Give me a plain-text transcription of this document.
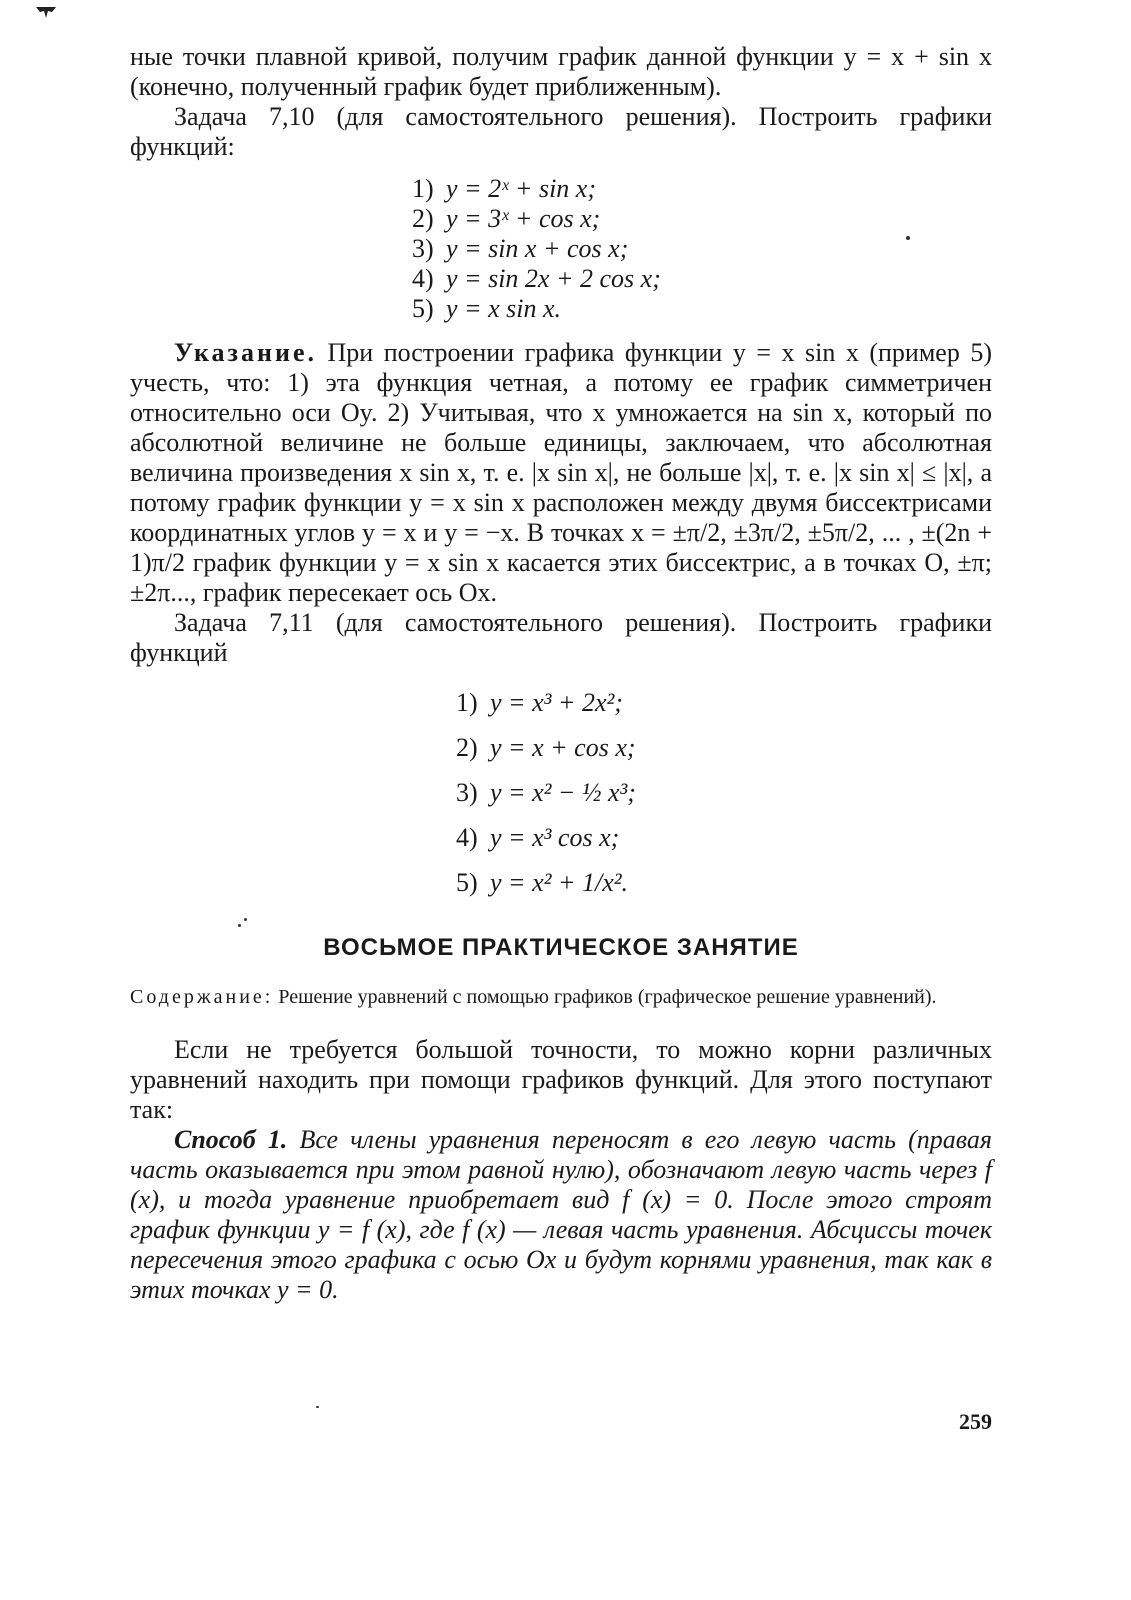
ные точки плавной кривой, получим график данной функции y = x + sin x (конечно, полученный график будет приближенным).

Задача 7,10 (для самостоятельного решения). Построить графики функций:

1) y = 2ˣ + sin x;
2) y = 3ˣ + cos x;
3) y = sin x + cos x;
4) y = sin 2x + 2 cos x;
5) y = x sin x.

Указание. При построении графика функции y = x sin x (пример 5) учесть, что: 1) эта функция четная, а потому ее график симметричен относительно оси Oy. 2) Учитывая, что x умножается на sin x, который по абсолютной величине не больше единицы, заключаем, что абсолютная величина произведения x sin x, т. е. |x sin x|, не больше |x|, т. е. |x sin x| ≤ |x|, а потому график функции y = x sin x расположен между двумя биссектрисами координатных углов y = x и y = −x. В точках x = ±π/2, ±3π/2, ±5π/2, ... , ±(2n + 1)π/2 график функции y = x sin x касается этих биссектрис, а в точках O, ±π; ±2π..., график пересекает ось Ox.

Задача 7,11 (для самостоятельного решения). Построить графики функций

1) y = x³ + 2x²;
2) y = x + cos x;
3) y = x² − ½ x³;
4) y = x³ cos x;
5) y = x² + 1/x².
ВОСЬМОЕ ПРАКТИЧЕСКОЕ ЗАНЯТИЕ

Содержание: Решение уравнений с помощью графиков (графическое решение уравнений).

Если не требуется большой точности, то можно корни различных уравнений находить при помощи графиков функций. Для этого поступают так:

Способ 1. Все члены уравнения переносят в его левую часть (правая часть оказывается при этом равной нулю), обозначают левую часть через f (x), и тогда уравнение приобретает вид f (x) = 0. После этого строят график функции y = f (x), где f (x) — левая часть уравнения. Абсциссы точек пересечения этого графика с осью Ox и будут корнями уравнения, так как в этих точках y = 0.

259
